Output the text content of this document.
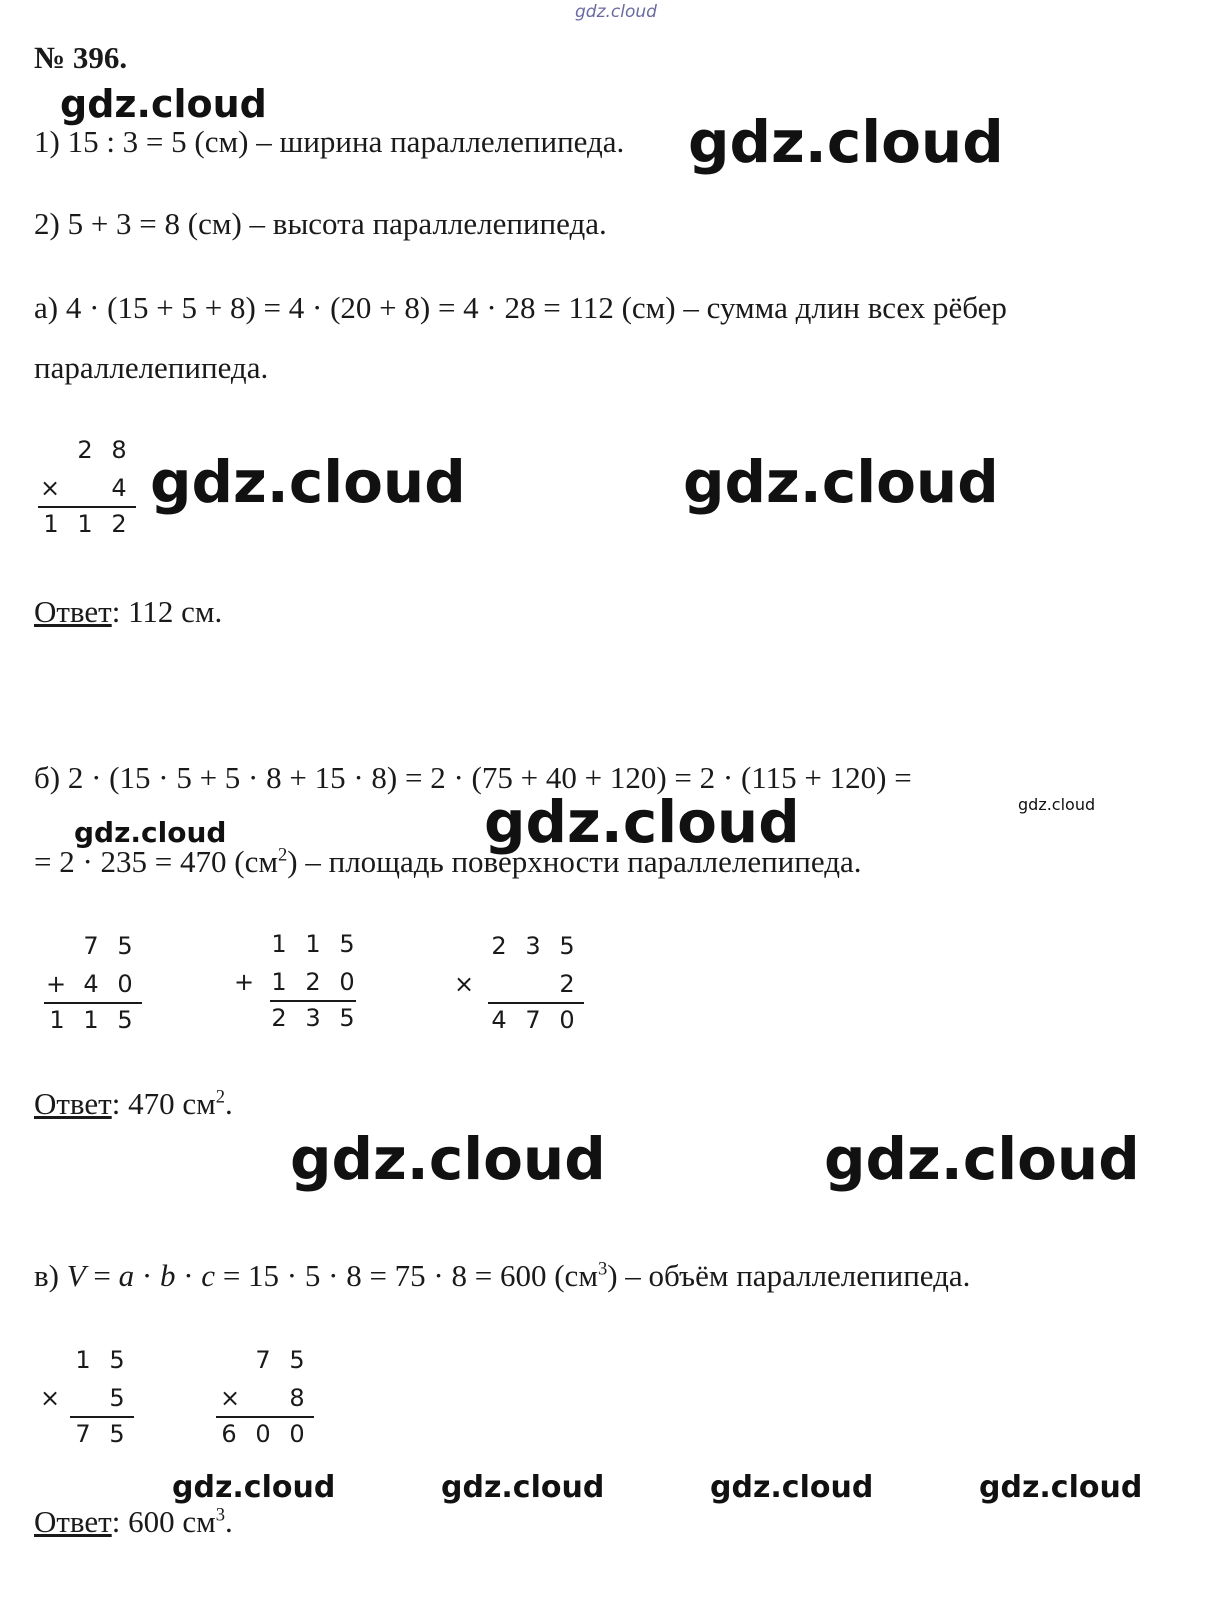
gdz.cloud
№ 396.
gdz.cloud
gdz.cloud
gdz.cloud	gdz.cloud
gdz.cloud	gdz.cloud
gdz.cloud
gdz.cloud	gdz.cloud
gdz.cloud	gdz.cloud	gdz.cloud	gdz.cloud
1) 15 : 3 = 5 (см) – ширина параллелепипеда.
2) 5 + 3 = 8 (см) – высота параллелепипеда.
а) 4 · (15 + 5 + 8) = 4 · (20 + 8) = 4 · 28 = 112 (см) – сумма длин всех рёбер
параллелепипеда.
2 8
×	4
1 1 2
Ответ: 112 см.
б) 2 · (15 · 5 + 5 · 8 + 15 · 8) = 2 · (75 + 40 + 120) = 2 · (115 + 120) =
= 2 · 235 = 470 $(см^2)$ – площадь поверхности параллелепипеда.
7 5
+ 4 0
1 1 5
1 1 5
+ 1 2 0
2 3 5
2 3 5
×	2
4 7 0
Ответ: 470 $см^2$.
в) V = a · b · c = 15 · 5 · 8 = 75 · 8 = 600 $(см^3)$ – объём параллелепипеда.
1 5
×	5
7 5
7 5
×	8
6 0 0
Ответ: 600 $см^3$.
